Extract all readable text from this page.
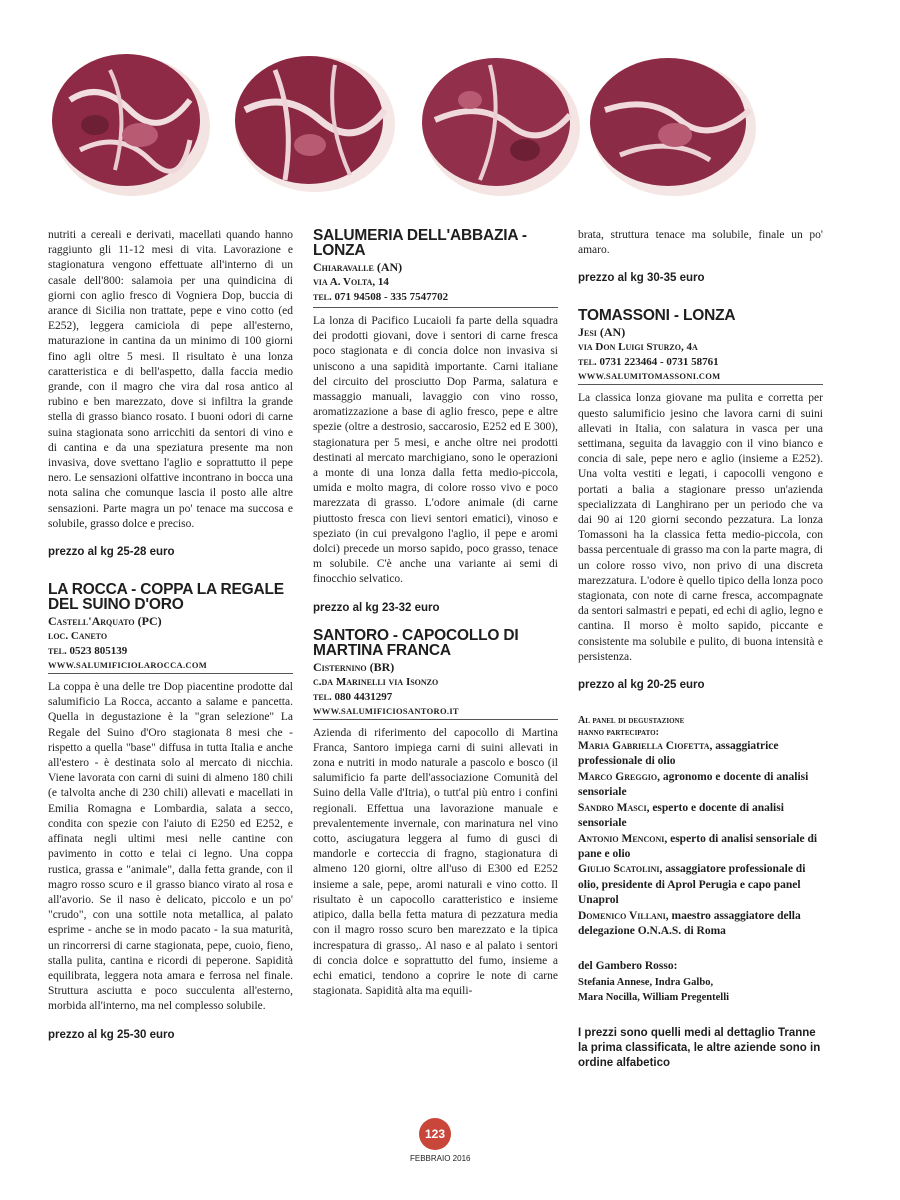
nutriti a cereali e derivati, macellati quando hanno raggiunto gli 11-12 mesi di vita. Lavorazione e stagionatura vengono effettuate all'interno di un casale dell'800: salamoia per una quindicina di giorni con aglio fresco di Vogniera Dop, buccia di arance di Sicilia non trattate, pepe e vino cotto (ed E252), leggera camiciola di pepe all'esterno, maturazione in cantina da un minimo di 100 giorni fino agli oltre 5 mesi. Il risultato è una lonza caratteristica e di bell'aspetto, dalla faccia medio grande, con il magro che vira dal rosa antico al rubino e ben marezzato, dove si infiltra la grande stella di grasso bianco rosato. I buoni odori di carne suina stagionata sono arricchiti da sentori di vino e di cantina e da una speziatura presente ma non invasiva, dove svettano l'aglio e soprattutto il pepe nero. Le sensazioni olfattive incontrano in bocca una nota salina che comunque lascia il posto alle altre sensazioni. Parte magra un po' tenace ma succosa e solubile, grasso dolce e preciso.

prezzo al kg 25-28 euro
LA ROCCA - COPPA LA REGALE DEL SUINO D'ORO
Castell'Arquato (PC)
loc. Caneto
tel. 0523 805139
WWW.SALUMIFICIOLAROCCA.COM

La coppa è una delle tre Dop piacentine prodotte dal salumificio La Rocca, accanto a salame e pancetta. Quella in degustazione è la "gran selezione" La Regale del Suino d'Oro stagionata 8 mesi che - rispetto a quella "base" diffusa in tutta Italia e anche all'estero - è destinata solo al mercato di nicchia. Viene lavorata con carni di suini di almeno 180 chili (e talvolta anche di 230 chili) allevati e macellati in Emilia Romagna e Lombardia, salata a secco, condita con spezie con l'aiuto di E250 ed E252, e affinata negli ultimi mesi nelle cantine con pavimento in cotto e telai ci legno. Una coppa rustica, grassa e "animale", dalla fetta grande, con il magro rosso scuro e il grasso bianco virato al rosa e all'avorio. Se il naso è delicato, piccolo e un po' "crudo", con una sottile nota metallica, al palato esprime - anche se in modo pacato - la sua maturità, un rincorrersi di carne stagionata, pepe, cuoio, fieno, stalla pulita, cantina e ricordi di peperone. Sapidità equilibrata, leggera nota amara e ferrosa nel finale. Struttura asciutta e poco succulenta all'esterno, morbida all'interno, ma nel complesso solubile.

prezzo al kg 25-30 euro
SALUMERIA DELL'ABBAZIA - LONZA
Chiaravalle (AN)
via A. Volta, 14
tel. 071 94508 - 335 7547702

La lonza di Pacifico Lucaioli fa parte della squadra dei prodotti giovani, dove i sentori di carne fresca poco stagionata e di concia dolce non invasiva si uniscono a una sapidità importante. Carni italiane del circuito del prosciutto Dop Parma, salatura e massaggio manuali, lavaggio con vino rosso, aromatizzazione a base di aglio fresco, pepe e altre spezie (oltre a destrosio, saccarosio, E252 ed E 300), stagionatura per 5 mesi, e anche oltre nei prodotti destinati al mercato marchigiano, sono le operazioni a monte di una lonza dalla fetta medio-piccola, umida e molto magra, di colore rosso vivo e poco marezzata di grasso. L'odore animale (di carne piuttosto fresca con lievi sentori ematici), vinoso e speziato (in cui prevalgono l'aglio, il pepe e aromi dolci) precede un morso sapido, poco grasso, tenace m solubile. C'è anche una variante ai semi di finocchio selvatico.

prezzo al kg 23-32 euro
SANTORO - CAPOCOLLO DI MARTINA FRANCA
Cisternino (BR)
c.da Marinelli via Isonzo
tel. 080 4431297
WWW.SALUMIFICIOSANTORO.IT

Azienda di riferimento del capocollo di Martina Franca, Santoro impiega carni di suini allevati in zona e nutriti in modo naturale a pascolo e bosco (il salumificio fa parte dell'associazione Comunità del Suino della Valle d'Itria), o tutt'al più entro i confini regionali. Effettua una lavorazione manuale e prevalentemente invernale, con marinatura nel vino cotto, asciugatura leggera al fumo di gusci di mandorle e corteccia di fragno, stagionatura di almeno 120 giorni, oltre all'uso di E300 ed E252 insieme a sale, pepe, aromi naturali e vino cotto. Il risultato è un capocollo caratteristico e insieme atipico, dalla bella fetta matura di pezzatura media con il magro rosso scuro ben marezzato e la tipica increspatura di grasso,. Al naso e al palato i sentori di concia dolce e soprattutto del fumo, insieme a echi ematici, tendono a coprire le note di carne stagionata. Sapidità alta ma equili-

brata, struttura tenace ma solubile, finale un po' amaro.

prezzo al kg 30-35 euro
TOMASSONI - LONZA
Jesi (AN)
via Don Luigi Sturzo, 4a
tel. 0731 223464 - 0731 58761
WWW.SALUMITOMASSONI.COM

La classica lonza giovane ma pulita e corretta per questo salumificio jesino che lavora carni di suini allevati in Italia, con salatura in vasca per una settimana, seguita da lavaggio con il vino bianco e concia di sale, pepe nero e aglio (insieme a E252). Una volta vestiti e legati, i capocolli vengono e portati a balia a stagionare presso un'azienda specializzata di Langhirano per un periodo che va dai 90 ai 120 giorni secondo pezzatura. La lonza Tomassoni ha la classica fetta medio-piccola, con bassa percentuale di grasso ma con la parte magra, di un colore rosso vivo, non privo di una discreta marezzatura. L'odore è quello tipico della lonza poco stagionata, con note di carne fresca, accompagnate da sentori salmastri e pepati, ed echi di aglio, legno e cantina. Il morso è molto sapido, piccante e consistente ma solubile e pulito, di buona intensità e persistenza.

prezzo al kg 20-25 euro
Al panel di degustazione
hanno partecipato:
Maria Gabriella Ciofetta, assaggiatrice professionale di olio
Marco Greggio, agronomo e docente di analisi sensoriale
Sandro Masci, esperto e docente di analisi sensoriale
Antonio Menconi, esperto di analisi sensoriale di pane e olio
Giulio Scatolini, assaggiatore professionale di olio, presidente di Aprol Perugia e capo panel Unaprol
Domenico Villani, maestro assaggiatore della delegazione O.N.A.S. di Roma
del Gambero Rosso:
Stefania Annese, Indra Galbo,
Mara Nocilla, William Pregentelli
I prezzi sono quelli medi al dettaglio Tranne la prima classificata, le altre aziende sono in ordine alfabetico
123
FEBBRAIO 2016
